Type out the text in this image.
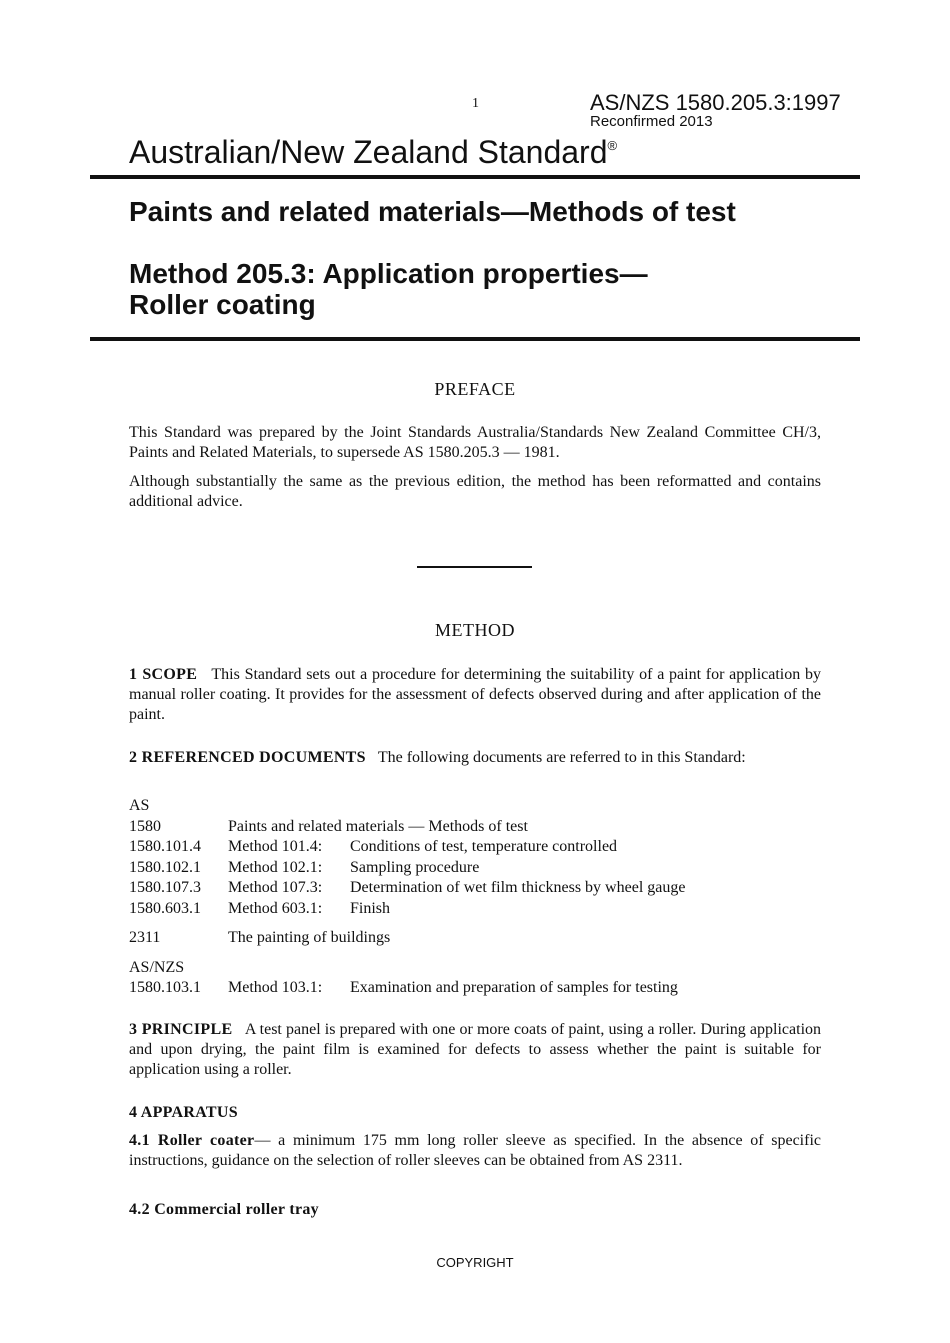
1	AS/NZS 1580.205.3:1997
Reconfirmed 2013
Australian/New Zealand Standard®
Paints and related materials—Methods of test
Method 205.3: Application properties—
Roller coating
PREFACE
This Standard was prepared by the Joint Standards Australia/Standards New Zealand Committee CH/3, Paints and Related Materials, to supersede AS 1580.205.3 — 1981.
Although substantially the same as the previous edition, the method has been reformatted and contains additional advice.
METHOD
1 SCOPE This Standard sets out a procedure for determining the suitability of a paint for application by manual roller coating. It provides for the assessment of defects observed during and after application of the paint.
2 REFERENCED DOCUMENTS The following documents are referred to in this Standard:
AS
1580	Paints and related materials — Methods of test
1580.101.4	Method 101.4:	Conditions of test, temperature controlled
1580.102.1	Method 102.1:	Sampling procedure
1580.107.3	Method 107.3:	Determination of wet film thickness by wheel gauge
1580.603.1	Method 603.1:	Finish
2311	The painting of buildings
AS/NZS
1580.103.1	Method 103.1:	Examination and preparation of samples for testing
3 PRINCIPLE A test panel is prepared with one or more coats of paint, using a roller. During application and upon drying, the paint film is examined for defects to assess whether the paint is suitable for application using a roller.
4 APPARATUS
4.1 Roller coater— a minimum 175 mm long roller sleeve as specified. In the absence of specific instructions, guidance on the selection of roller sleeves can be obtained from AS 2311.
4.2 Commercial roller tray
COPYRIGHT
